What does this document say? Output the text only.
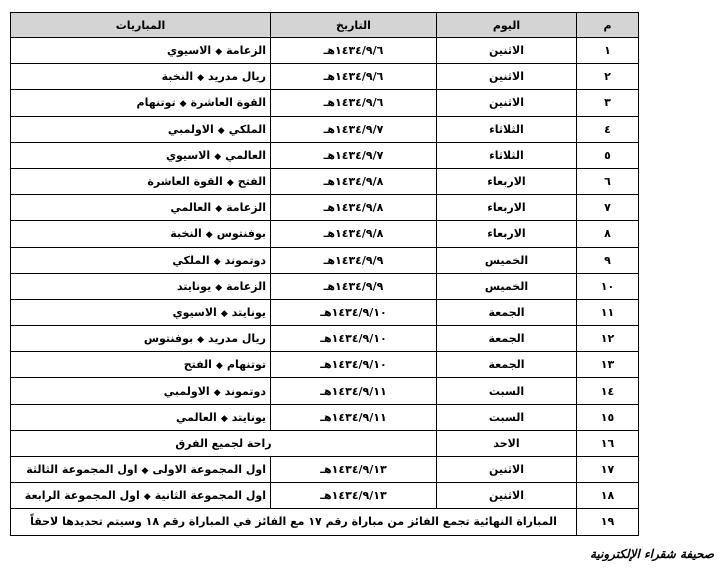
م	اليوم	التاريخ	المباريات
١	الاثنين	١٤٣٤/٩/٦هـ	الزعامة◆الاسيوي
٢	الاثنين	١٤٣٤/٩/٦هـ	ريال مدريد◆النخبة
٣	الاثنين	١٤٣٤/٩/٦هـ	القوة العاشرة◆توتنهام
٤	الثلاثاء	١٤٣٤/٩/٧هـ	الملكي◆الاولمبي
٥	الثلاثاء	١٤٣٤/٩/٧هـ	العالمي◆الاسيوي
٦	الاربعاء	١٤٣٤/٩/٨هـ	الفتح◆القوة العاشرة
٧	الاربعاء	١٤٣٤/٩/٨هـ	الزعامة◆العالمي
٨	الاربعاء	١٤٣٤/٩/٨هـ	بوفنتوس◆النخبة
٩	الخميس	١٤٣٤/٩/٩هـ	دوتموند◆الملكي
١٠	الخميس	١٤٣٤/٩/٩هـ	الزعامة◆يونايتد
١١	الجمعة	١٤٣٤/٩/١٠هـ	يونايتد◆الاسيوي
١٢	الجمعة	١٤٣٤/٩/١٠هـ	ريال مدريد◆بوفنتوس
١٣	الجمعة	١٤٣٤/٩/١٠هـ	توتنهام◆الفتح
١٤	السبت	١٤٣٤/٩/١١هـ	دوتموند◆الاولمبي
١٥	السبت	١٤٣٤/٩/١١هـ	يونايتد◆العالمي
١٦	الاحد	راحة لجميع الفرق	
١٧	الاثنين	١٤٣٤/٩/١٣هـ	اول المجموعة الاولى◆اول المجموعة الثالثة
١٨	الاثنين	١٤٣٤/٩/١٣هـ	اول المجموعة الثانية◆اول المجموعة الرابعة
١٩	المباراة النهائية تجمع الفائز من مباراة رقم ١٧ مع الفائز في المباراة رقم ١٨ وسيتم تحديدها لاحقاً		
صحيفة شقراء الإلكترونية
